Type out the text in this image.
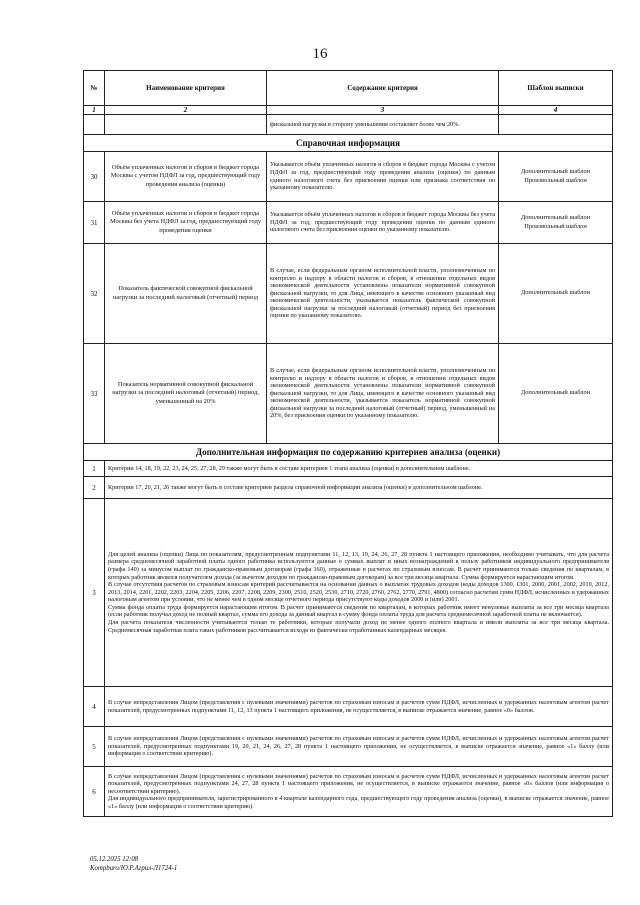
16
№	Наименование критерия	Содержание критерия	Шаблон выписки
1	2	3	4
		фискальной нагрузки в сторону уменьшения составляет более чем 20%.	
Справочная информация			
30	Объём уплаченных налогов и сборов в бюджет города Москвы с учетом НДФЛ за год, предшествующий году проведения анализа (оценки)	Указывается объём уплаченных налогов и сборов в бюджет города Москвы с учетом НДФЛ за год, предшествующий году проведения анализа (оценки) по данным единого налогового счета без присвоения оценки или признака соответствия по указанному показателю.	Дополнительный шаблон Произвольный шаблон
31	Объём уплаченных налогов и сборов в бюджет города Москвы без учета НДФЛ за год, предшествующий году проведения оценки	Указывается объём уплаченных налогов и сборов в бюджет города Москвы без учета НДФЛ за год, предшествующий году проведения оценки по данным единого налогового счета без присвоения оценки по указанному показателю.	Дополнительный шаблон Произвольный шаблон
32	Показатель фактической совокупной фискальной нагрузки за последний налоговый (отчетный) период	В случае, если федеральным органом исполнительной власти, уполномоченным по контролю и надзору в области налогов и сборов, в отношении отдельных видов экономической деятельности установлены показатели нормативной совокупной фискальной нагрузки, то для Лица, имеющего в качестве основного указанный вид экономической деятельности, указывается показатель фактической совокупной фискальной нагрузки за последний налоговый (отчетный) период без присвоения оценки по указанному показателю.	Дополнительный шаблон
33	Показатель нормативной совокупной фискальной нагрузки за последний налоговый (отчетный) период, уменьшенный на 20%	В случае, если федеральным органом исполнительной власти, уполномоченным по контролю и надзору в области налогов и сборов, в отношении отдельных видов экономической деятельности установлены показатели нормативной совокупной фискальной нагрузки, то для Лица, имеющего в качестве основного указанный вид экономической деятельности, указывается показатель нормативной совокупной фискальной нагрузки за последний налоговый (отчетный) период, уменьшенный на 20%, без присвоения оценки по указанному показателю.	Дополнительный шаблон
Дополнительная информация по содержанию критериев анализа (оценки)			
1	Критерии 14, 18, 19, 22, 23, 24, 25, 27, 28, 29 также могут быть в составе критериев 1 этапа анализа (оценки) в дополнительном шаблоне.		
2	Критерии 17, 20, 21, 26 также могут быть в составе критериев раздела справочной информации анализа (оценки) в дополнительном шаблоне.		
3	Для целей анализа (оценки) Лица по показателям, предусмотренным подпунктами 11, 12, 13, 19, 24, 26, 27, 28 пункта 1 настоящего приложения, необходимо учитывать, что для расчета размера среднемесячной заработной платы одного работника используются данные о суммах выплат и иных вознаграждений в пользу работников индивидуального предпринимателя (графа 140) за минусом выплат по гражданско-правовым договорам (графа 160), отраженные в расчетах по страховым взносам. В расчет принимаются только сведения по кварталам, в которых работник являлся получателем дохода (за вычетом доходов по гражданско-правовым договорам) за все три месяца квартала. Сумма формируется нарастающим итогом.
В случае отсутствия расчетов по страховым взносам критерий рассчитывается на основании данных о выплатах трудовых доходов (коды доходов 1300, 1301, 2000, 2001, 2002, 2010, 2012, 2013, 2014, 2201, 2202, 2203, 2204, 2205, 2206, 2207, 2208, 2209, 2300, 2510, 2520, 2530, 2710, 2720, 2760, 2762, 2770, 2791, 4800) согласно расчетам сумм НДФЛ, исчисленных и удержанных налоговым агентом при условии, что не менее чем в одном месяце отчетного периода присутствуют коды доходов 2000 и (или) 2001.
Сумма фонда оплаты труда формируется нарастающим итогом. В расчет принимаются сведения по кварталам, в которых работник имеет ненулевые выплаты за все три месяца квартала (если работник получал доход не полный квартал, сумма его дохода за данный квартал в сумму фонда оплаты труда для расчета среднемесячной заработной платы не включается).
Для расчета показателя численности учитываются только те работники, которые получали доход не менее одного полного квартала и имели выплаты за все три месяца квартала. Среднемесячная заработная плата таких работников рассчитывается исходя из фактически отработанных календарных месяцев.		

4	В случае непредставления Лицом (представления с нулевыми значениями) расчетов по страховым взносам и расчетов сумм НДФЛ, исчисленных и удержанных налоговым агентом расчет показателей, предусмотренных подпунктами 11, 12, 13 пункта 1 настоящего приложения, не осуществляется, в выписке отражается значение, равное «0» баллов.		
5	В случае непредставления Лицом (представления с нулевыми значениями) расчетов по страховым взносам и расчетов сумм НДФЛ, исчисленных и удержанных налоговым агентом расчет показателей, предусмотренных подпунктами 19, 20, 21, 24, 26, 27, 28 пункта 1 настоящего приложения, не осуществляется, в выписке отражается значение, равное «1» баллу (или информация о соответствии критерию).		
6	В случае непредставления Лицом (представления с нулевыми значениями) расчетов по страховым взносам и расчетов сумм НДФЛ, исчисленных и удержанных налоговым агентом расчет показателей, предусмотренных подпунктами 24, 27, 28 пункта 1 настоящего приложения, не осуществляется, в выписке отражается значение, равное «0» баллов (или информация о несоответствии критерию).
Для индивидуального предпринимателя, зарегистрированного в 4 квартале календарного года, предшествующего году проведения анализа (оценки), в выписке отражается значение, равное «1» баллу (или информация о соответствии критерию).		
05.12.2025 12:08
Kompburo/Ю.Р.Агрил-Л1724-1
